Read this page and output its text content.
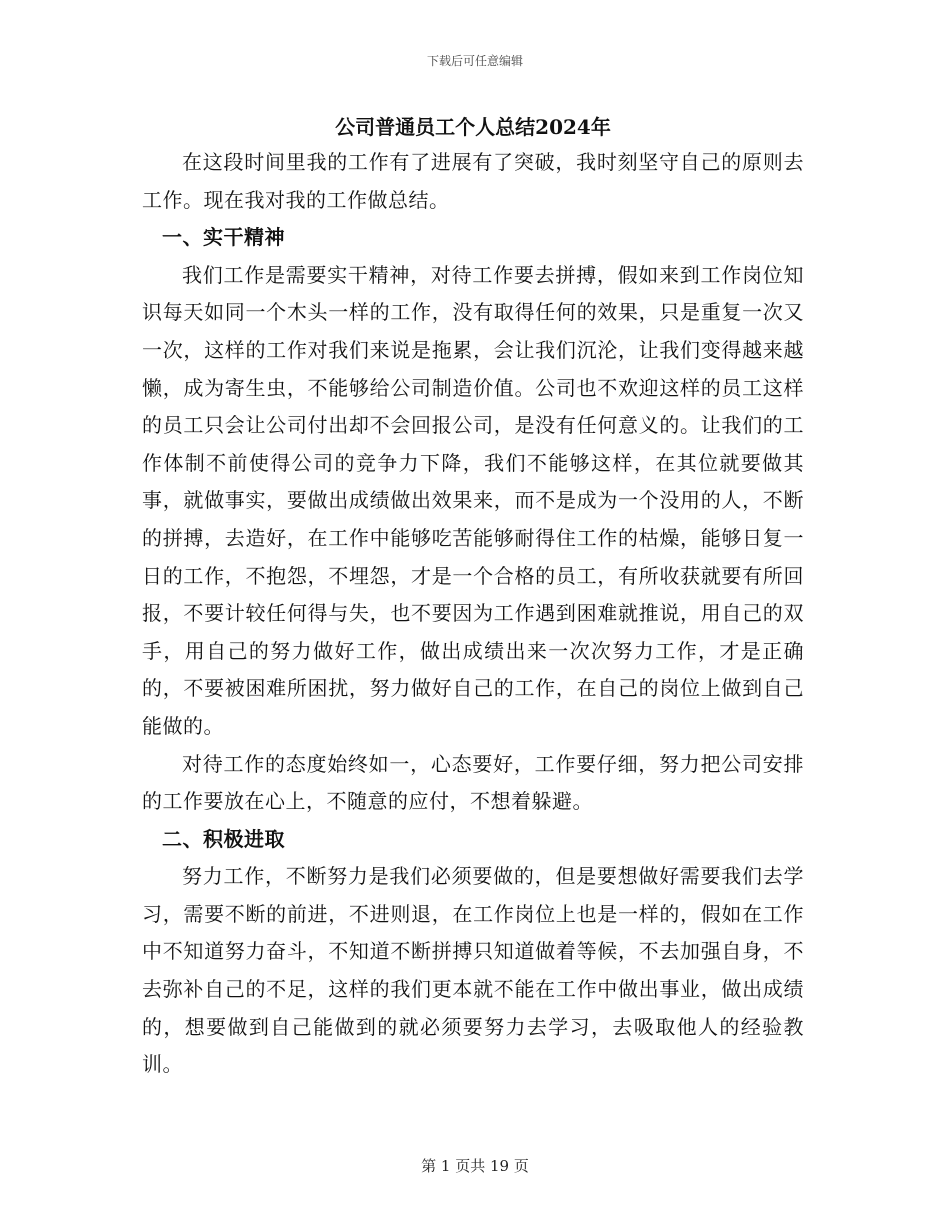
下载后可任意编辑
公司普通员工个人总结2024年

在这段时间里我的工作有了进展有了突破，我时刻坚守自己的原则去工作。现在我对我的工作做总结。

一、实干精神

我们工作是需要实干精神，对待工作要去拼搏，假如来到工作岗位知识每天如同一个木头一样的工作，没有取得任何的效果，只是重复一次又一次，这样的工作对我们来说是拖累，会让我们沉沦，让我们变得越来越懒，成为寄生虫，不能够给公司制造价值。公司也不欢迎这样的员工这样的员工只会让公司付出却不会回报公司，是没有任何意义的。让我们的工作体制不前使得公司的竞争力下降，我们不能够这样，在其位就要做其事，就做事实，要做出成绩做出效果来，而不是成为一个没用的人，不断的拼搏，去造好，在工作中能够吃苦能够耐得住工作的枯燥，能够日复一日的工作，不抱怨，不埋怨，才是一个合格的员工，有所收获就要有所回报，不要计较任何得与失，也不要因为工作遇到困难就推说，用自己的双手，用自己的努力做好工作，做出成绩出来一次次努力工作，才是正确的，不要被困难所困扰，努力做好自己的工作，在自己的岗位上做到自己能做的。

对待工作的态度始终如一，心态要好，工作要仔细，努力把公司安排的工作要放在心上，不随意的应付，不想着躲避。

二、积极进取

努力工作，不断努力是我们必须要做的，但是要想做好需要我们去学习，需要不断的前进，不进则退，在工作岗位上也是一样的，假如在工作中不知道努力奋斗，不知道不断拼搏只知道做着等候，不去加强自身，不去弥补自己的不足，这样的我们更本就不能在工作中做出事业，做出成绩的，想要做到自己能做到的就必须要努力去学习，去吸取他人的经验教训。

第 1 页共 19 页
